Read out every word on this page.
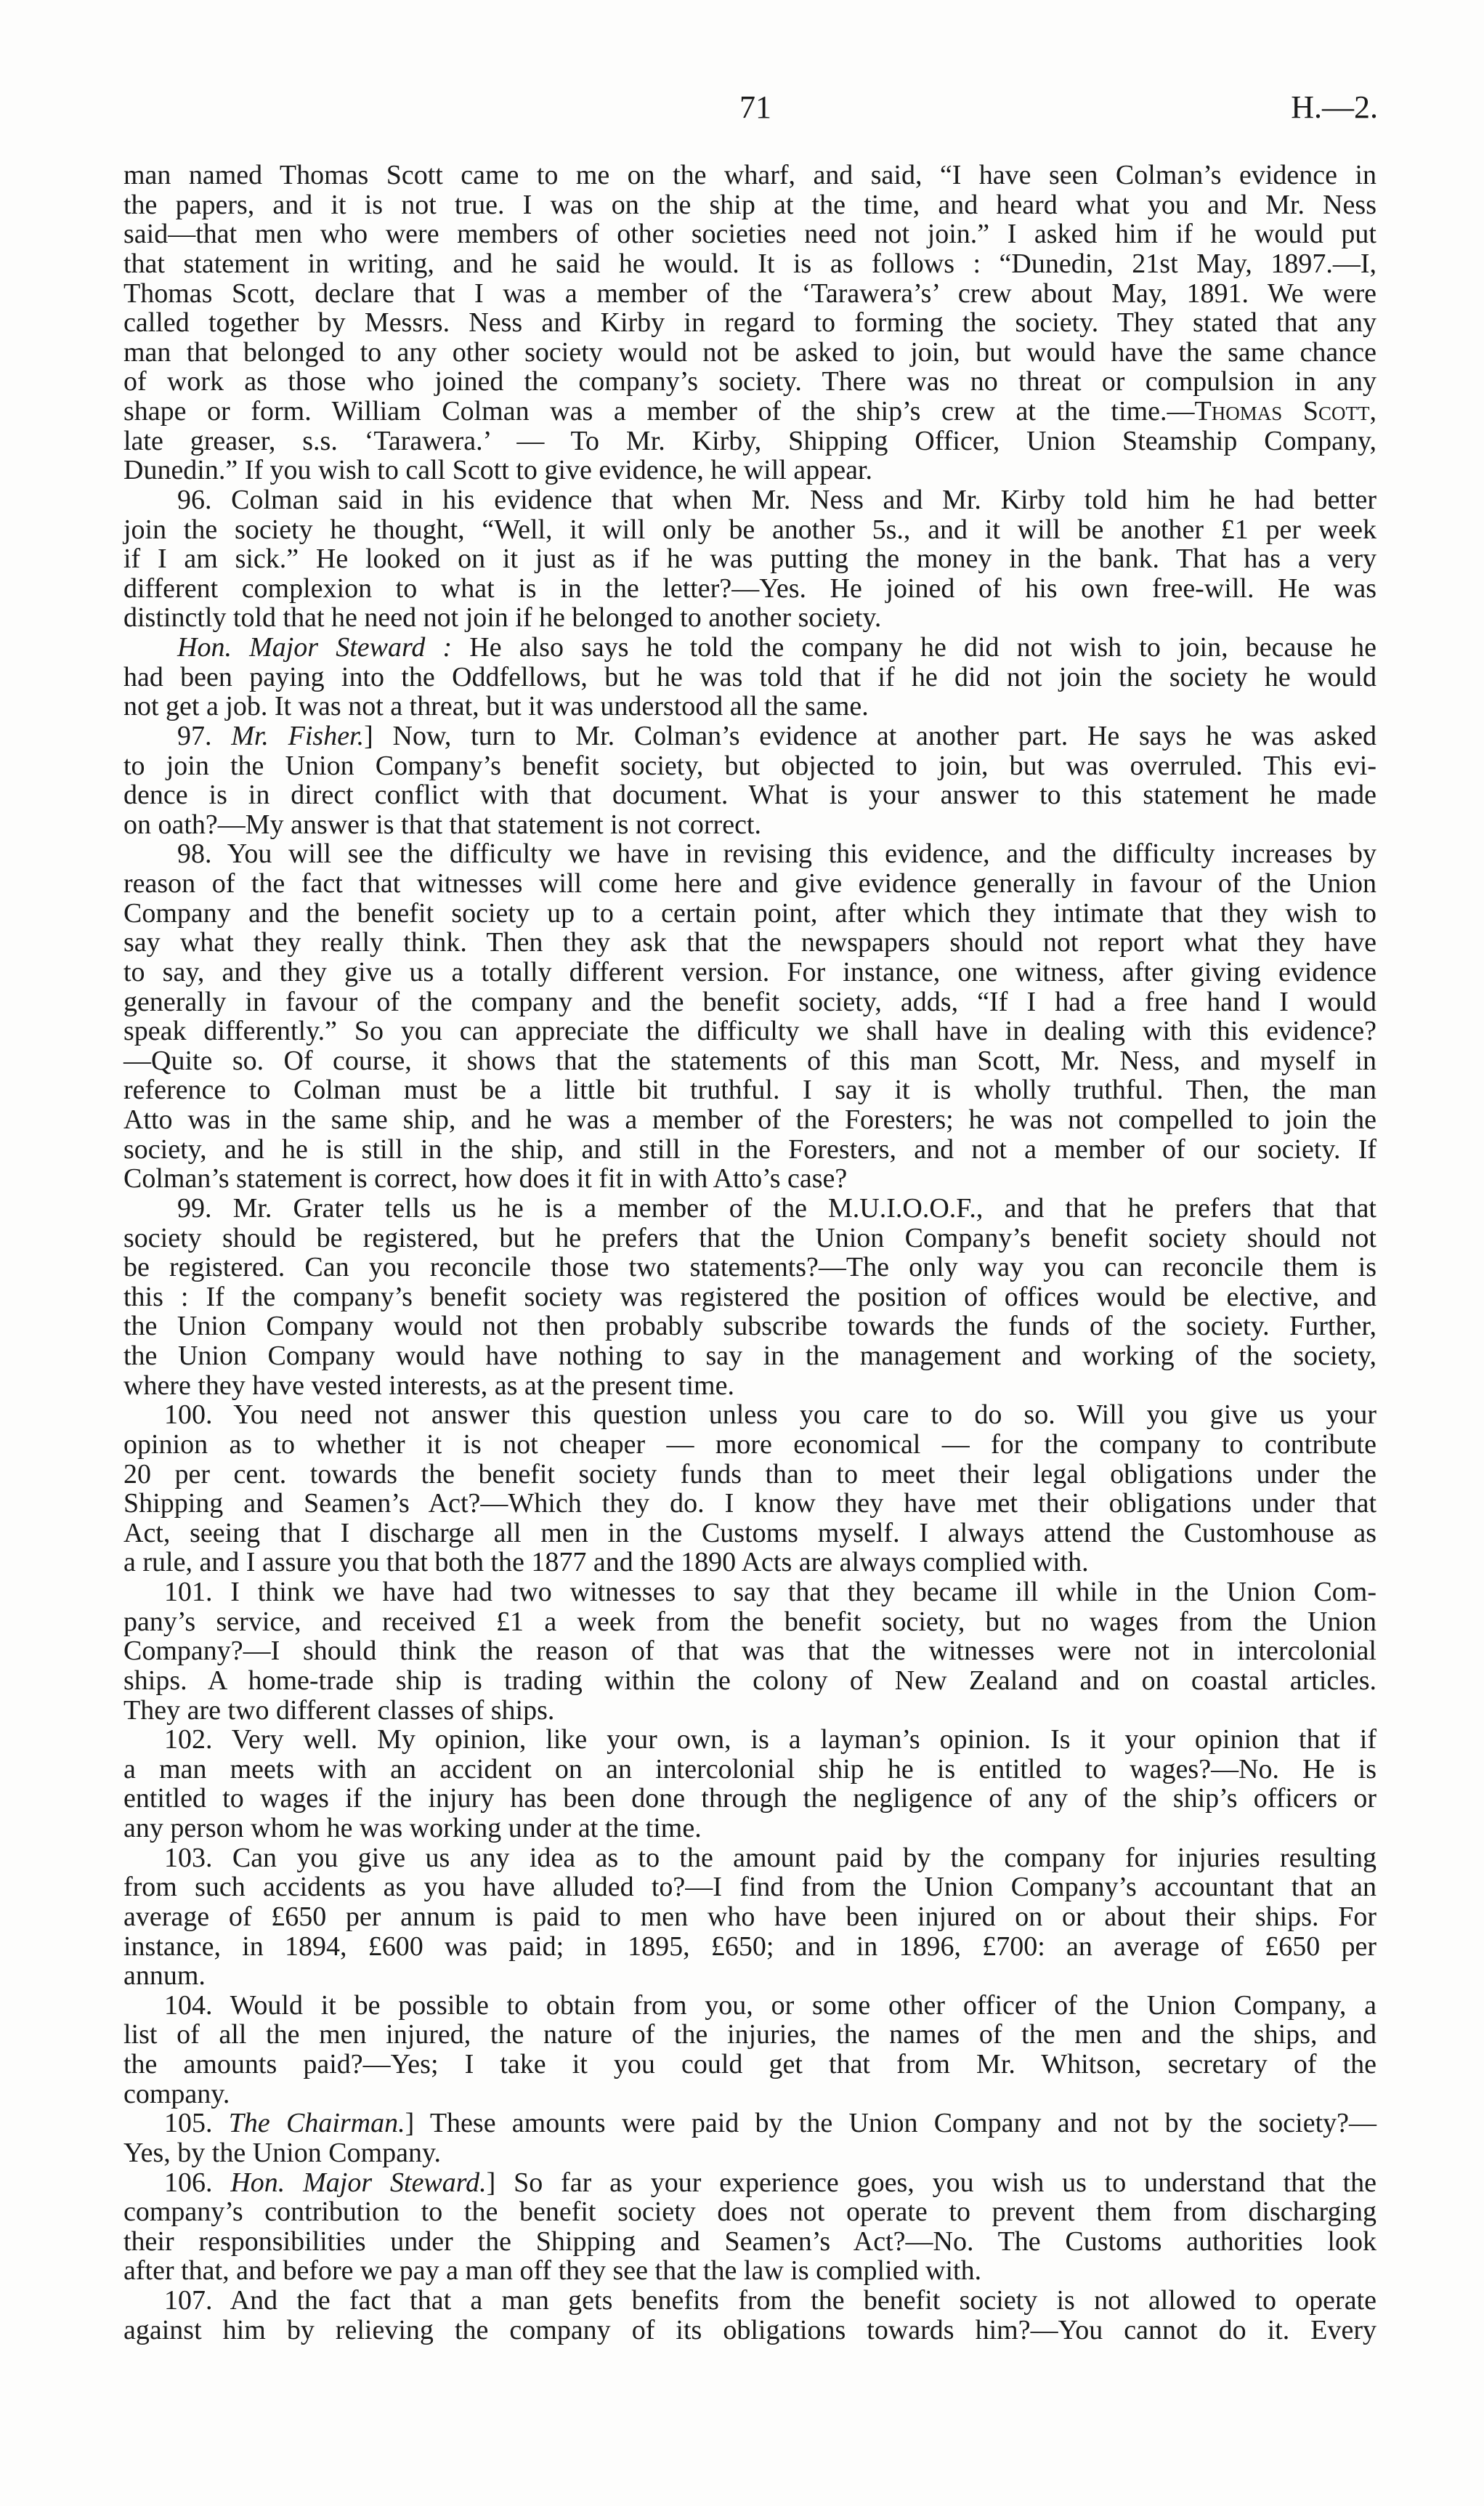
71	H.—2.
man named Thomas Scott came to me on the wharf, and said, “I have seen Colman’s evidence in
the papers, and it is not true. I was on the ship at the time, and heard what you and Mr. Ness
said—that men who were members of other societies need not join.” I asked him if he would put
that statement in writing, and he said he would. It is as follows : “Dunedin, 21st May, 1897.—I,
Thomas Scott, declare that I was a member of the ‘Tarawera’s’ crew about May, 1891. We were
called together by Messrs. Ness and Kirby in regard to forming the society. They stated that any
man that belonged to any other society would not be asked to join, but would have the same chance
of work as those who joined the company’s society. There was no threat or compulsion in any
shape or form. William Colman was a member of the ship’s crew at the time.—Thomas Scott,
late greaser, s.s. ‘Tarawera.’ — To Mr. Kirby, Shipping Officer, Union Steamship Company,
Dunedin.” If you wish to call Scott to give evidence, he will appear.
96. Colman said in his evidence that when Mr. Ness and Mr. Kirby told him he had better
join the society he thought, “Well, it will only be another 5s., and it will be another £1 per week
if I am sick.” He looked on it just as if he was putting the money in the bank. That has a very
different complexion to what is in the letter?—Yes. He joined of his own free-will. He was
distinctly told that he need not join if he belonged to another society.
Hon. Major Steward : He also says he told the company he did not wish to join, because he
had been paying into the Oddfellows, but he was told that if he did not join the society he would
not get a job. It was not a threat, but it was understood all the same.
97. Mr. Fisher.] Now, turn to Mr. Colman’s evidence at another part. He says he was asked
to join the Union Company’s benefit society, but objected to join, but was overruled. This evi-
dence is in direct conflict with that document. What is your answer to this statement he made
on oath?—My answer is that that statement is not correct.
98. You will see the difficulty we have in revising this evidence, and the difficulty increases by
reason of the fact that witnesses will come here and give evidence generally in favour of the Union
Company and the benefit society up to a certain point, after which they intimate that they wish to
say what they really think. Then they ask that the newspapers should not report what they have
to say, and they give us a totally different version. For instance, one witness, after giving evidence
generally in favour of the company and the benefit society, adds, “If I had a free hand I would
speak differently.” So you can appreciate the difficulty we shall have in dealing with this evidence?
—Quite so. Of course, it shows that the statements of this man Scott, Mr. Ness, and myself in
reference to Colman must be a little bit truthful. I say it is wholly truthful. Then, the man
Atto was in the same ship, and he was a member of the Foresters; he was not compelled to join the
society, and he is still in the ship, and still in the Foresters, and not a member of our society. If
Colman’s statement is correct, how does it fit in with Atto’s case?
99. Mr. Grater tells us he is a member of the M.U.I.O.O.F., and that he prefers that that
society should be registered, but he prefers that the Union Company’s benefit society should not
be registered. Can you reconcile those two statements?—The only way you can reconcile them is
this : If the company’s benefit society was registered the position of offices would be elective, and
the Union Company would not then probably subscribe towards the funds of the society. Further,
the Union Company would have nothing to say in the management and working of the society,
where they have vested interests, as at the present time.
100. You need not answer this question unless you care to do so. Will you give us your
opinion as to whether it is not cheaper — more economical — for the company to contribute
20 per cent. towards the benefit society funds than to meet their legal obligations under the
Shipping and Seamen’s Act?—Which they do. I know they have met their obligations under that
Act, seeing that I discharge all men in the Customs myself. I always attend the Customhouse as
a rule, and I assure you that both the 1877 and the 1890 Acts are always complied with.
101. I think we have had two witnesses to say that they became ill while in the Union Com-
pany’s service, and received £1 a week from the benefit society, but no wages from the Union
Company?—I should think the reason of that was that the witnesses were not in intercolonial
ships. A home-trade ship is trading within the colony of New Zealand and on coastal articles.
They are two different classes of ships.
102. Very well. My opinion, like your own, is a layman’s opinion. Is it your opinion that if
a man meets with an accident on an intercolonial ship he is entitled to wages?—No. He is
entitled to wages if the injury has been done through the negligence of any of the ship’s officers or
any person whom he was working under at the time.
103. Can you give us any idea as to the amount paid by the company for injuries resulting
from such accidents as you have alluded to?—I find from the Union Company’s accountant that an
average of £650 per annum is paid to men who have been injured on or about their ships. For
instance, in 1894, £600 was paid; in 1895, £650; and in 1896, £700: an average of £650 per
annum.
104. Would it be possible to obtain from you, or some other officer of the Union Company, a
list of all the men injured, the nature of the injuries, the names of the men and the ships, and
the amounts paid?—Yes; I take it you could get that from Mr. Whitson, secretary of the
company.
105. The Chairman.] These amounts were paid by the Union Company and not by the society?—
Yes, by the Union Company.
106. Hon. Major Steward.] So far as your experience goes, you wish us to understand that the
company’s contribution to the benefit society does not operate to prevent them from discharging
their responsibilities under the Shipping and Seamen’s Act?—No. The Customs authorities look
after that, and before we pay a man off they see that the law is complied with.
107. And the fact that a man gets benefits from the benefit society is not allowed to operate
against him by relieving the company of its obligations towards him?—You cannot do it. Every
